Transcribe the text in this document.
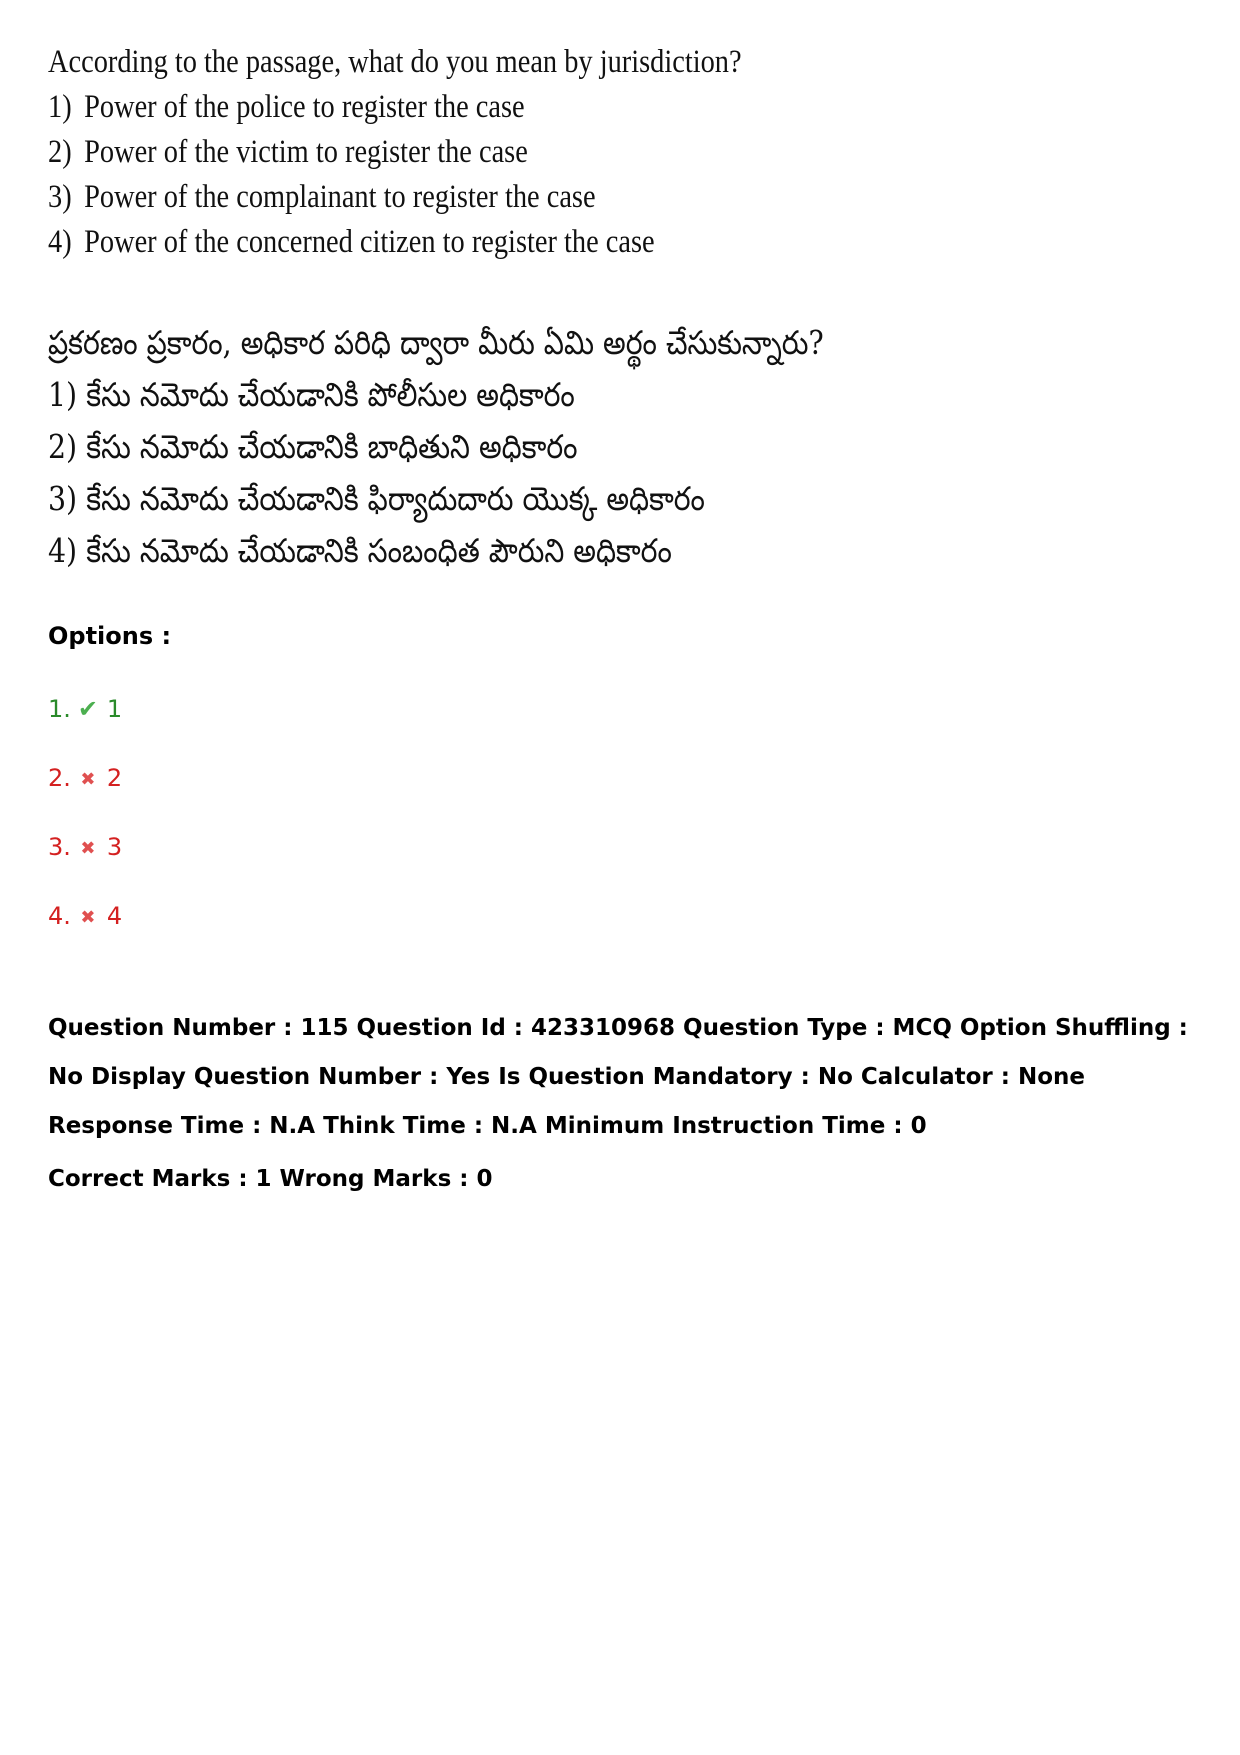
According to the passage, what do you mean by jurisdiction?
1) Power of the police to register the case
2) Power of the victim to register the case
3) Power of the complainant to register the case
4) Power of the concerned citizen to register the case
ప్రకరణం ప్రకారం, అధికార పరిధి ద్వారా మీరు ఏమి అర్థం చేసుకున్నారు?
1) కేసు నమోదు చేయడానికి పోలీసుల అధికారం
2) కేసు నమోదు చేయడానికి బాధితుని అధికారం
3) కేసు నమోదు చేయడానికి ఫిర్యాదుదారు యొక్క అధికారం
4) కేసు నమోదు చేయడానికి సంబంధిత పౌరుని అధికారం
Options :
1. ✔ 1
2. ✖ 2
3. ✖ 3
4. ✖ 4
Question Number : 115 Question Id : 423310968 Question Type : MCQ Option Shuffling : No Display Question Number : Yes Is Question Mandatory : No Calculator : None Response Time : N.A Think Time : N.A Minimum Instruction Time : 0
Correct Marks : 1 Wrong Marks : 0
